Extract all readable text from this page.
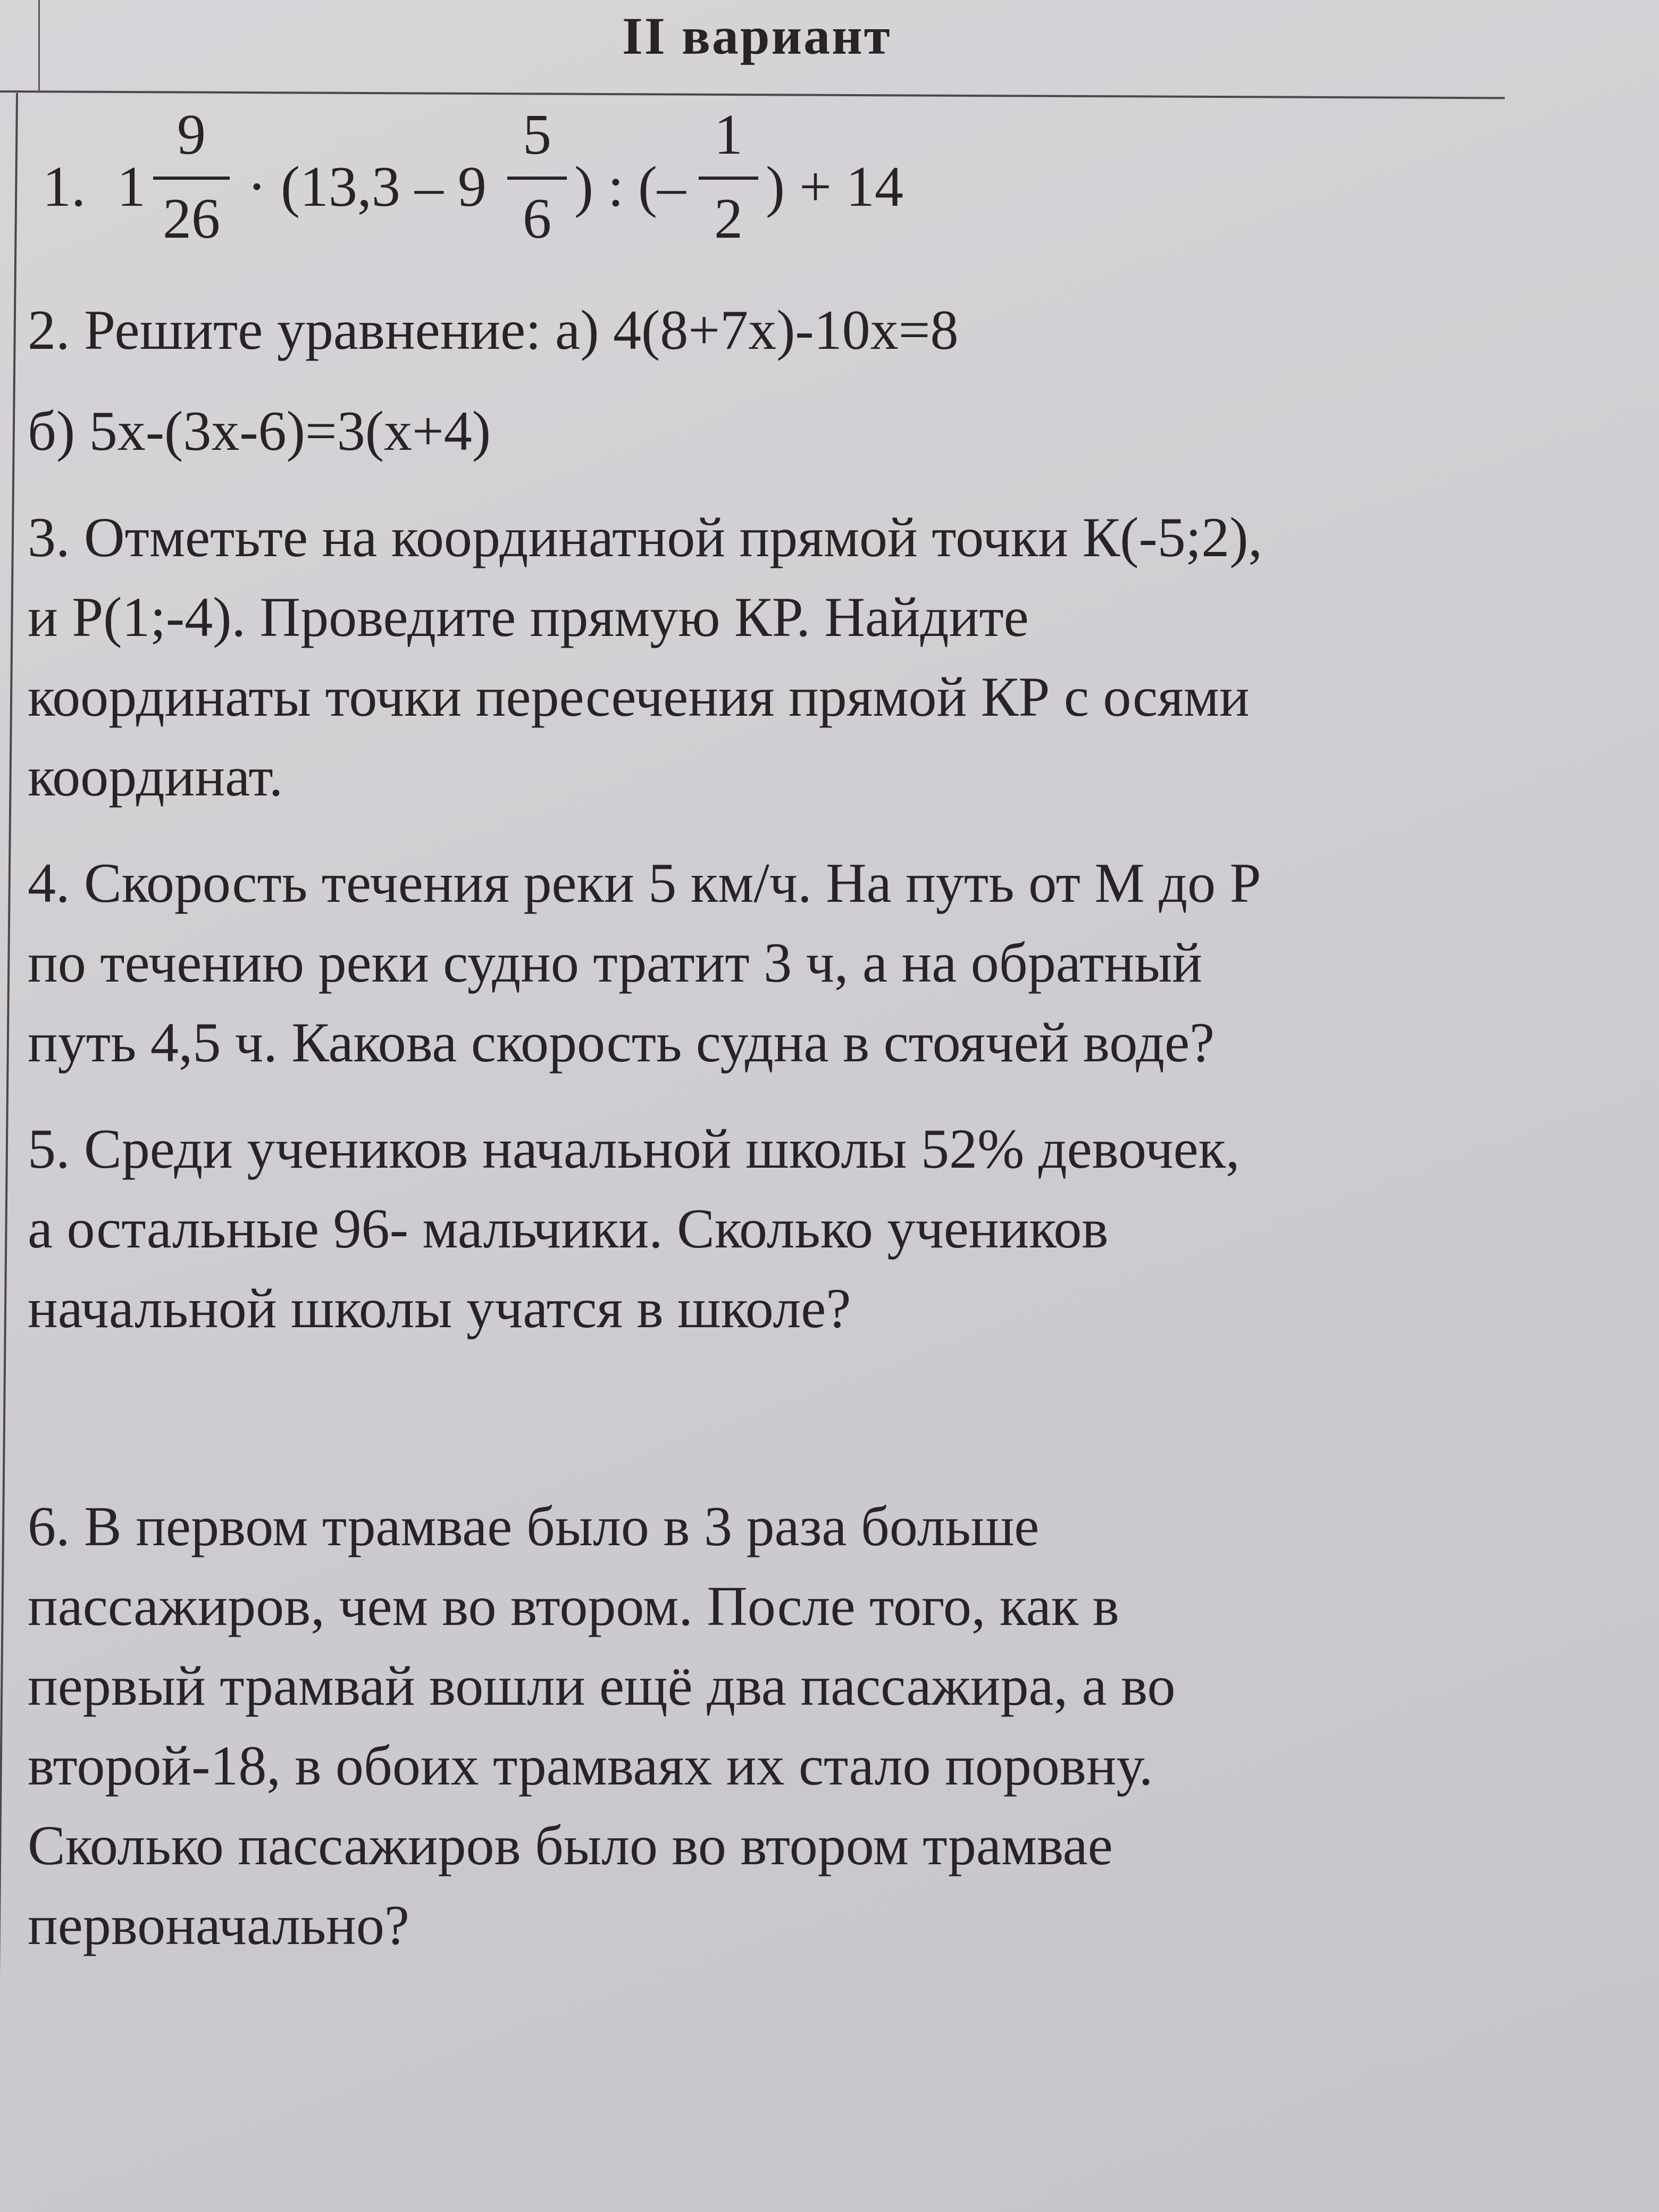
II вариант
1. 1
9
26
· (13,3 – 9
5
6
) : (–
1
2
) + 14
2. Решите уравнение: а) 4(8+7х)-10х=8
б) 5х-(3х-6)=3(х+4)
3. Отметьте на координатной прямой точки К(-5;2),
и Р(1;-4). Проведите прямую КР. Найдите
координаты точки пересечения прямой КР с осями
координат.
4. Скорость течения реки 5 км/ч. На путь от М до Р
по течению реки судно тратит 3 ч, а на обратный
путь 4,5 ч. Какова скорость судна в стоячей воде?
5. Среди учеников начальной школы 52% девочек,
а остальные 96- мальчики. Сколько учеников
начальной школы учатся в школе?
6. В первом трамвае было в 3 раза больше
пассажиров, чем во втором. После того, как в
первый трамвай вошли ещё два пассажира, а во
второй-18, в обоих трамваях их стало поровну.
Сколько пассажиров было во втором трамвае
первоначально?
